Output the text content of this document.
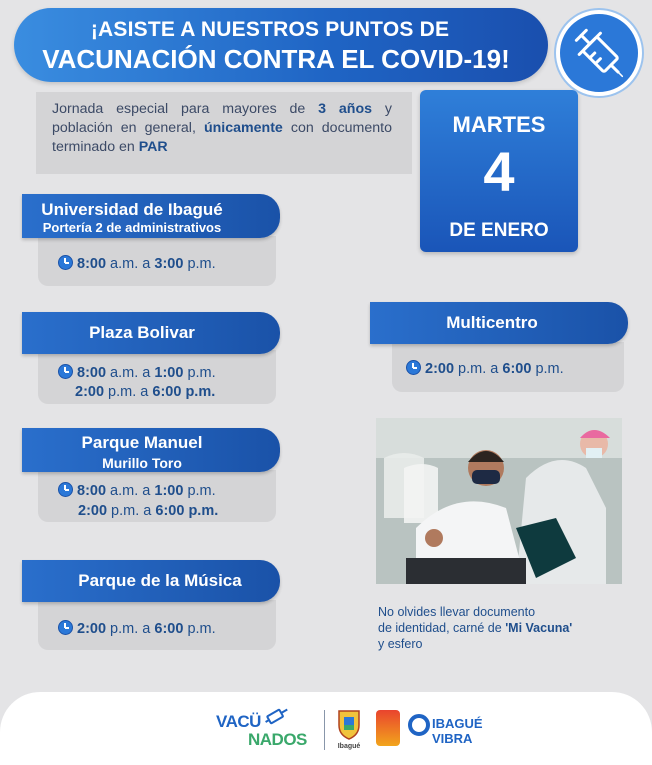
¡ASISTE A NUESTROS PUNTOS DE
VACUNACIÓN CONTRA EL COVID-19!
Jornada especial para mayores de 3 años y población en general, únicamente con documento terminado en PAR
MARTES
4
DE ENERO
Universidad de Ibagué
Portería 2 de administrativos
8:00 a.m. a 3:00 p.m.
Plaza Bolivar
8:00 a.m. a 1:00 p.m.
2:00 p.m. a 6:00 p.m.
Parque Manuel
Murillo Toro
8:00 a.m. a 1:00 p.m.
2:00 p.m. a 6:00 p.m.
Parque de la Música
2:00 p.m. a 6:00 p.m.
Multicentro
2:00 p.m. a 6:00 p.m.
No olvides llevar documento
de identidad, carné de 'Mi Vacuna'
y esfero
VACÜ
NADOS	Ibagué
IBAGUÉ
VIBRA
